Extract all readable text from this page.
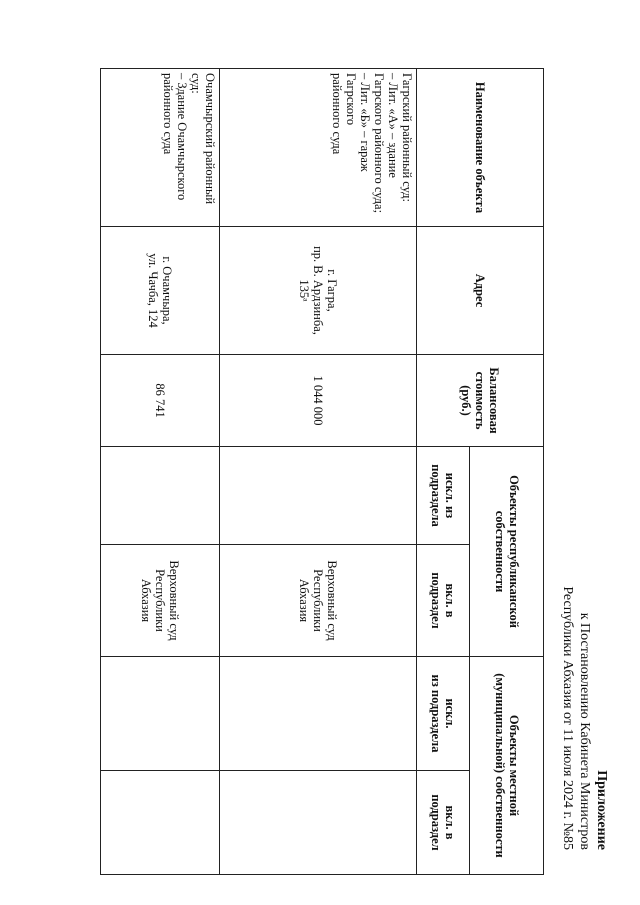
Приложение
к Постановлению Кабинета Министров
Республики Абхазия от 11 июля 2024 г. №85
Наименование объекта	Адрес	Балансовая
стоимость
(руб.)	Объекты республиканской
собственности		Объекты местной
(муниципальной) собственности	
			искл. из
подраздела	вкл. в
подраздел	искл.
из подраздела	вкл. в
подраздел
Гагрский районный суд:
– Лит. «А» – здание
Гагрского районного суда;
– Лит. «Б» – гараж Гагрского
районного суда	г. Гагра,
пр. В. Ардзинба,
135ᵃ	1 044 000		Верховный суд
Республики
Абхазия		
Очамчырский районный суд:
– Здание Очамчырского
районного суда	г. Очамчыра,
ул. Чачба, 124	86 741		Верховный суд
Республики
Абхазия		
